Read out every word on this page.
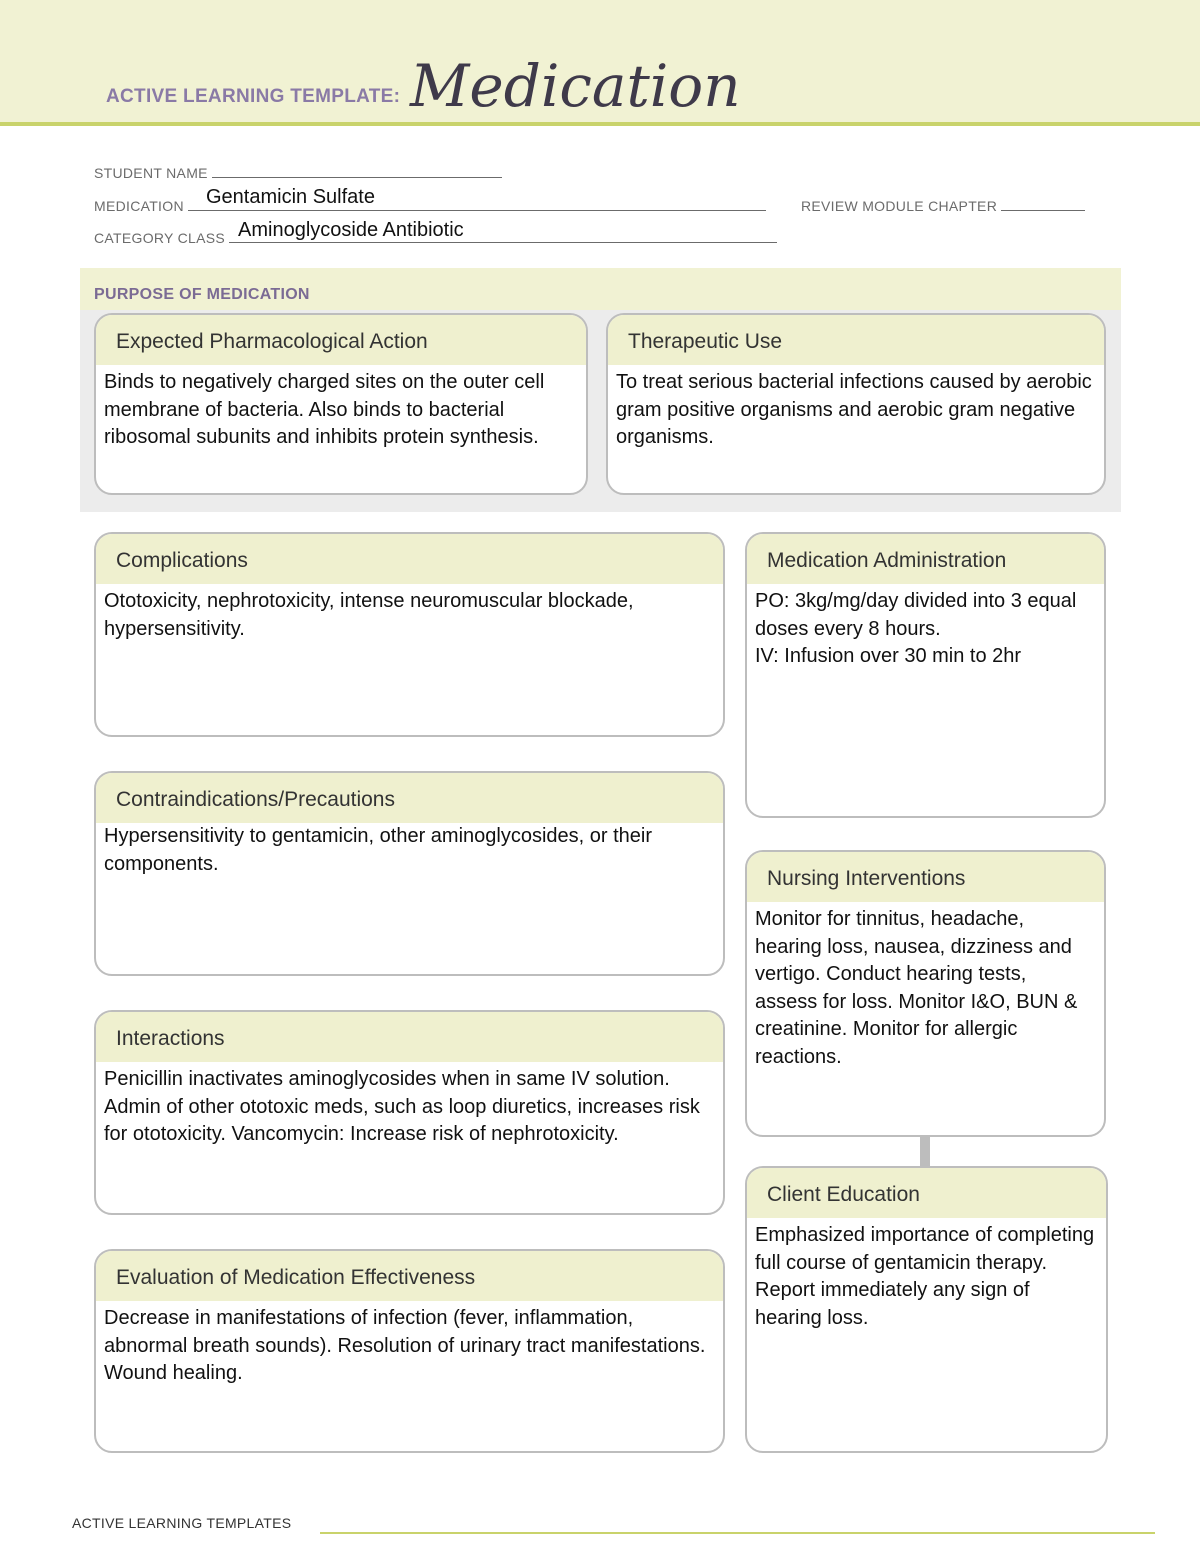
ACTIVE LEARNING TEMPLATE: Medication
STUDENT NAME
MEDICATION	Gentamicin Sulfate	REVIEW MODULE CHAPTER
CATEGORY CLASS Aminoglycoside Antibiotic
PURPOSE OF MEDICATION
Expected Pharmacological Action
Binds to negatively charged sites on the outer cell membrane of bacteria. Also binds to bacterial ribosomal subunits and inhibits protein synthesis.
Therapeutic Use
To treat serious bacterial infections caused by aerobic gram positive organisms and aerobic gram negative organisms.
Complications
Ototoxicity, nephrotoxicity, intense neuromuscular blockade, hypersensitivity.
Contraindications/Precautions
Hypersensitivity to gentamicin, other aminoglycosides, or their components.
Interactions
Penicillin inactivates aminoglycosides when in same IV solution. Admin of other ototoxic meds, such as loop diuretics, increases risk for ototoxicity. Vancomycin: Increase risk of nephrotoxicity.
Evaluation of Medication Effectiveness
Decrease in manifestations of infection (fever, inflammation, abnormal breath sounds). Resolution of urinary tract manifestations. Wound healing.
Medication Administration
PO: 3kg/mg/day divided into 3 equal doses every 8 hours.
IV: Infusion over 30 min to 2hr
Nursing Interventions
Monitor for tinnitus, headache, hearing loss, nausea, dizziness and vertigo. Conduct hearing tests, assess for loss. Monitor I&O, BUN & creatinine. Monitor for allergic reactions.
Client Education
Emphasized importance of completing full course of gentamicin therapy. Report immediately any sign of hearing loss.
ACTIVE LEARNING TEMPLATES
